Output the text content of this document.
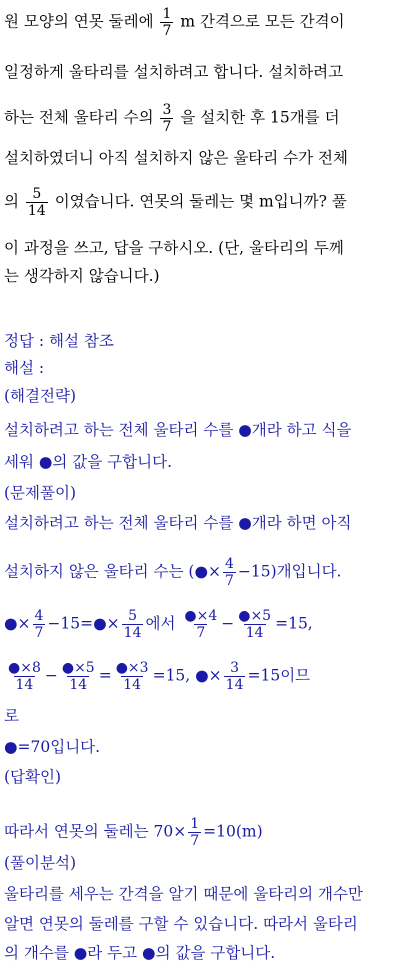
원 모양의 연못 둘레에 $\frac{1}{7}$ m 간격으로 모든 간격이
일정하게 울타리를 설치하려고 합니다. 설치하려고
하는 전체 울타리 수의 $\frac{3}{7}$ 을 설치한 후 15개를 더
설치하였더니 아직 설치하지 않은 울타리 수가 전체
의 $\frac{5}{14}$ 이였습니다. 연못의 둘레는 몇 m입니까? 풀
이 과정을 쓰고, 답을 구하시오. (단, 울타리의 두께
는 생각하지 않습니다.)
정답 : 해설 참조
해설 :
(해결전략)
설치하려고 하는 전체 울타리 수를 ●개라 하고 식을
세워 ●의 값을 구합니다.
(문제풀이)
설치하려고 하는 전체 울타리 수를 ●개라 하면 아직
설치하지 않은 울타리 수는 (●× $\frac{4}{7} -15$)개입니다.
●× $\frac{4}{7}$ −15=●× $\frac{5}{14}$ 에서 $\frac{●\times 4}{7} - \frac{●\times 5}{14} =15$,
$\frac{●\times 8}{14} - \frac{●\times 5}{14} = \frac{●\times 3}{14} =15$, ●× $\frac{3}{14} =15$이므
로
●=70입니다.
(답확인)
따라서 연못의 둘레는 $70\times \frac{1}{7} =10(m)$
(풀이분석)
울타리를 세우는 간격을 알기 때문에 울타리의 개수만
알면 연못의 둘레를 구할 수 있습니다. 따라서 울타리
의 개수를 ●라 두고 ●의 값을 구합니다.
